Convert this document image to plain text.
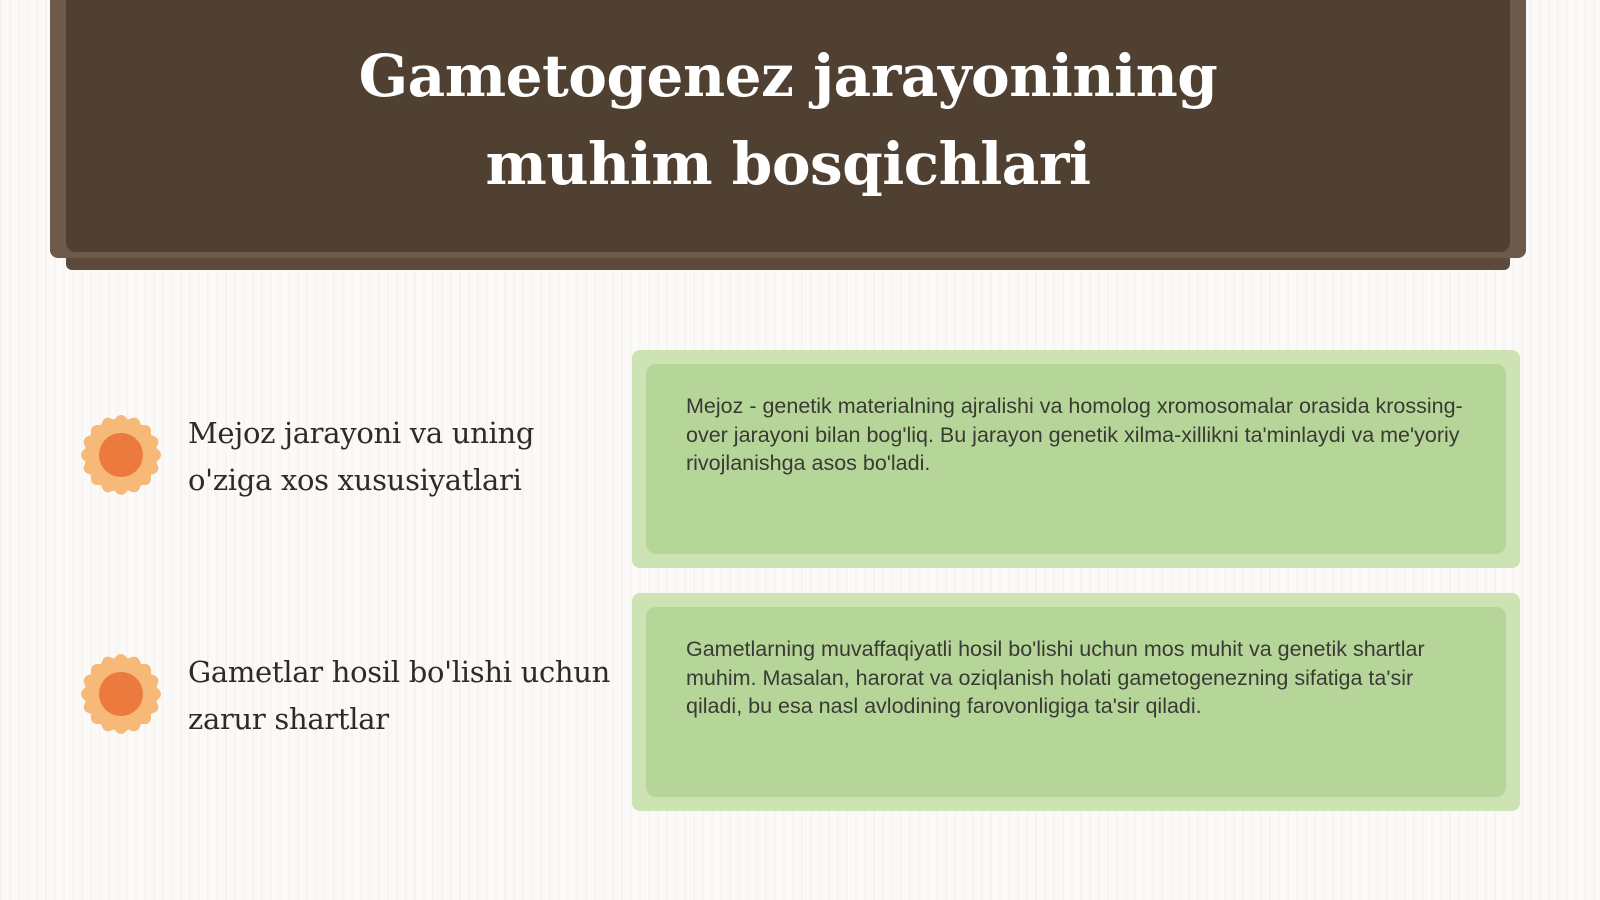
Gametogenez jarayonining muhim bosqichlari
Mejoz jarayoni va uning o'ziga xos xususiyatlari
Gametlar hosil bo'lishi uchun zarur shartlar

Mejoz - genetik materialning ajralishi va homolog xromosomalar orasida krossing-over jarayoni bilan bog'liq. Bu jarayon genetik xilma-xillikni ta'minlaydi va me'yoriy rivojlanishga asos bo'ladi.

Gametlarning muvaffaqiyatli hosil bo'lishi uchun mos muhit va genetik shartlar muhim. Masalan, harorat va oziqlanish holati gametogenezning sifatiga ta'sir qiladi, bu esa nasl avlodining farovonligiga ta'sir qiladi.
